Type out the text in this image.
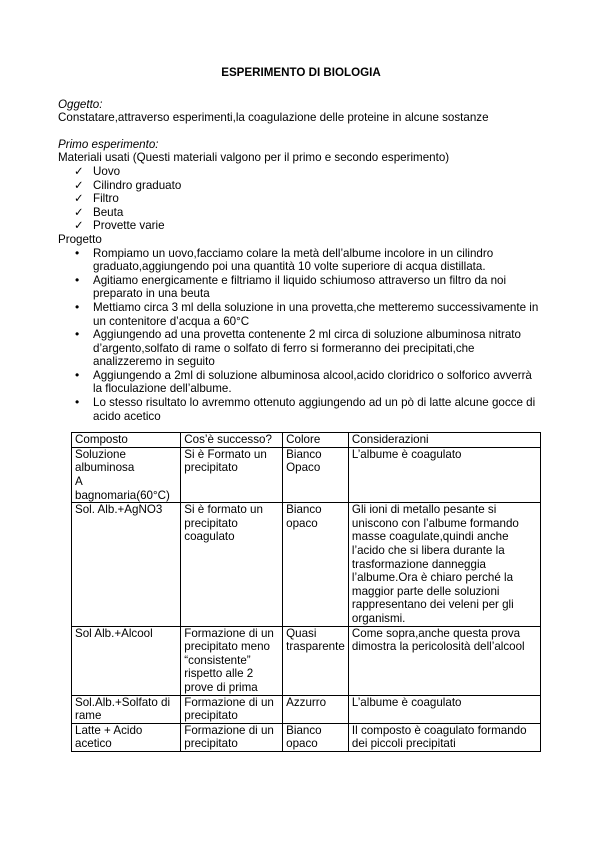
ESPERIMENTO DI BIOLOGIA
Oggetto:
Constatare,attraverso esperimenti,la coagulazione delle proteine in alcune sostanze
Primo esperimento:
Materiali usati (Questi materiali valgono per il primo e secondo esperimento)
✓ Uovo
✓ Cilindro graduato
✓ Filtro
✓ Beuta
✓ Provette varie
Progetto
• Rompiamo un uovo,facciamo colare la metà dell’albume incolore in un cilindro graduato,aggiungendo poi una quantità 10 volte superiore di acqua distillata.
• Agitiamo energicamente e filtriamo il liquido schiumoso attraverso un filtro da noi preparato in una beuta
• Mettiamo circa 3 ml della soluzione in una provetta,che metteremo successivamente in un contenitore d’acqua a 60°C
• Aggiungendo ad una provetta contenente 2 ml circa di soluzione albuminosa nitrato d’argento,solfato di rame o solfato di ferro si formeranno dei precipitati,che analizzeremo in seguito
• Aggiungendo a 2ml di soluzione albuminosa alcool,acido cloridrico o solforico avverrà la floculazione dell’albume.
• Lo stesso risultato lo avremmo ottenuto aggiungendo ad un pò di latte alcune gocce di acido acetico
Composto	Cos’è successo?	Colore	Considerazioni
Soluzione albuminosa
A bagnomaria(60°C)	Si è Formato un precipitato	Bianco Opaco	L’albume è coagulato
Sol. Alb.+AgNO3	Si è formato un precipitato coagulato	Bianco opaco	Gli ioni di metallo pesante si uniscono con l’albume formando masse coagulate,quindi anche l’acido che si libera durante la trasformazione danneggia l’albume.Ora è chiaro perché la maggior parte delle soluzioni rappresentano dei veleni per gli organismi.
Sol Alb.+Alcool	Formazione di un precipitato meno “consistente” rispetto alle 2 prove di prima	Quasi trasparente	Come sopra,anche questa prova dimostra la pericolosità dell’alcool
Sol.Alb.+Solfato di rame	Formazione di un precipitato	Azzurro	L’albume è coagulato
Latte + Acido acetico	Formazione di un precipitato	Bianco opaco	Il composto è coagulato formando dei piccoli precipitati
